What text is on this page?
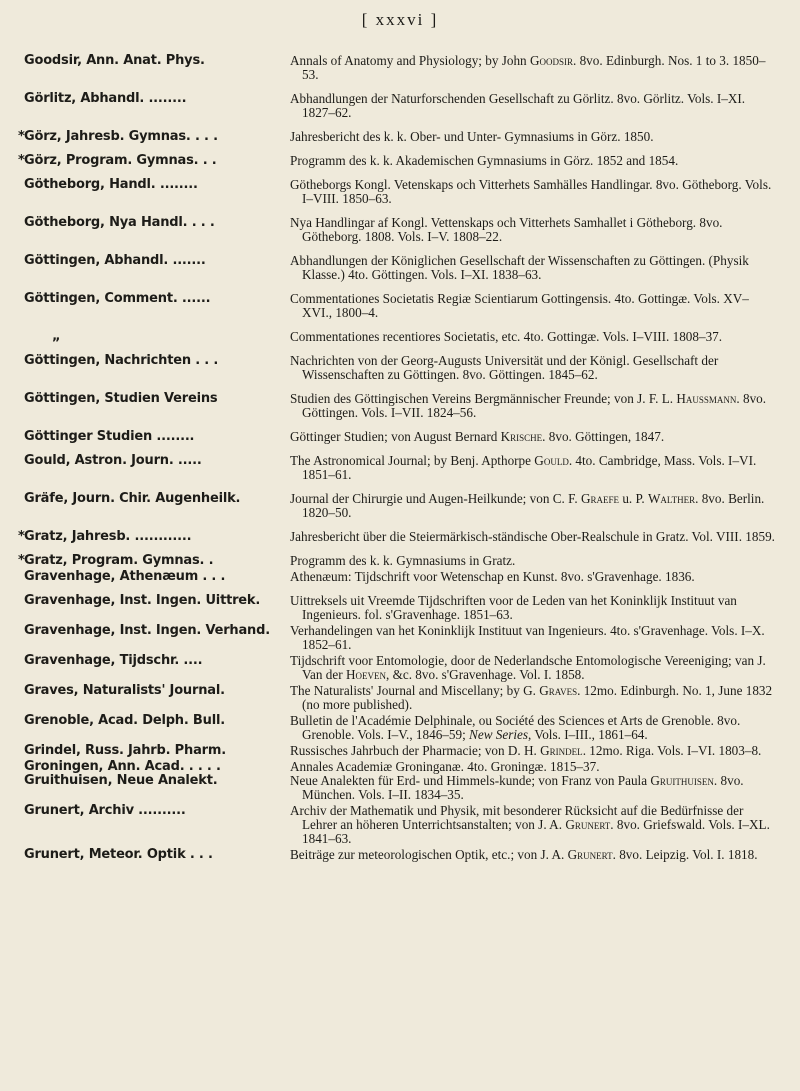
[ xxxvi ]
Goodsir, Ann. Anat. Phys.	Annals of Anatomy and Physiology; by John Goodsir. 8vo. Edinburgh. Nos. 1 to 3. 1850–53.
Görlitz, Abhandl. ........	Abhandlungen der Naturforschenden Gesellschaft zu Görlitz. 8vo. Görlitz. Vols. I–XI. 1827–62.
* Görz, Jahresb. Gymnas. . . .	Jahresbericht des k. k. Ober- und Unter- Gymnasiums in Görz. 1850.
* Görz, Program. Gymnas. . .	Programm des k. k. Akademischen Gymnasiums in Görz. 1852 and 1854.
Götheborg, Handl. ........	Götheborgs Kongl. Vetenskaps och Vitterhets Samhälles Handlingar. 8vo. Götheborg. Vols. I–VIII. 1850–63.
Götheborg, Nya Handl. . . .	Nya Handlingar af Kongl. Vettenskaps och Vitterhets Samhallet i Götheborg. 8vo. Götheborg. 1808. Vols. I–V. 1808–22.
Göttingen, Abhandl. .......	Abhandlungen der Königlichen Gesellschaft der Wissenschaften zu Göttingen. (Physik Klasse.) 4to. Göttingen. Vols. I–XI. 1838–63.
Göttingen, Comment. ......	Commentationes Societatis Regiæ Scientiarum Gottingensis. 4to. Gottingæ. Vols. XV–XVI., 1800–4.
„	Commentationes recentiores Societatis, etc. 4to. Gottingæ. Vols. I–VIII. 1808–37.
Göttingen, Nachrichten . . .	Nachrichten von der Georg-Augusts Universität und der Königl. Gesellschaft der Wissenschaften zu Göttingen. 8vo. Göttingen. 1845–62.
Göttingen, Studien Vereins	Studien des Göttingischen Vereins Bergmännischer Freunde; von J. F. L. Haussmann. 8vo. Göttingen. Vols. I–VII. 1824–56.
Göttinger Studien ........	Göttinger Studien; von August Bernard Krische. 8vo. Göttingen, 1847.
Gould, Astron. Journ. .....	The Astronomical Journal; by Benj. Apthorpe Gould. 4to. Cambridge, Mass. Vols. I–VI. 1851–61.
Gräfe, Journ. Chir. Augenheilk.	Journal der Chirurgie und Augen-Heilkunde; von C. F. Graefe u. P. Walther. 8vo. Berlin. 1820–50.
* Gratz, Jahresb. ............	Jahresbericht über die Steiermärkisch-ständische Ober-Realschule in Gratz. Vol. VIII. 1859.
* Gratz, Program. Gymnas. .	Programm des k. k. Gymnasiums in Gratz.
Gravenhage, Athenæum . . .	Athenæum: Tijdschrift voor Wetenschap en Kunst. 8vo. s'Gravenhage. 1836.
Gravenhage, Inst. Ingen. Uittrek.	Uittreksels uit Vreemde Tijdschriften voor de Leden van het Koninklijk Instituut van Ingenieurs. fol. s'Gravenhage. 1851–63.
Gravenhage, Inst. Ingen. Verhand.	Verhandelingen van het Koninklijk Instituut van Ingenieurs. 4to. s'Gravenhage. Vols. I–X. 1852–61.
Gravenhage, Tijdschr. ....	Tijdschrift voor Entomologie, door de Nederlandsche Entomologische Vereeniging; van J. Van der Hoeven, &c. 8vo. s'Gravenhage. Vol. I. 1858.
Graves, Naturalists' Journal.	The Naturalists' Journal and Miscellany; by G. Graves. 12mo. Edinburgh. No. 1, June 1832 (no more published).
Grenoble, Acad. Delph. Bull.	Bulletin de l'Académie Delphinale, ou Société des Sciences et Arts de Grenoble. 8vo. Grenoble. Vols. I–V., 1846–59; New Series, Vols. I–III., 1861–64.
Grindel, Russ. Jahrb. Pharm.	Russisches Jahrbuch der Pharmacie; von D. H. Grindel. 12mo. Riga. Vols. I–VI. 1803–8.
Groningen, Ann. Acad. . . . .	Annales Academiæ Groninganæ. 4to. Groningæ. 1815–37.
Gruithuisen, Neue Analekt.	Neue Analekten für Erd- und Himmels-kunde; von Franz von Paula Gruithuisen. 8vo. München. Vols. I–II. 1834–35.
Grunert, Archiv ..........	Archiv der Mathematik und Physik, mit besonderer Rücksicht auf die Bedürfnisse der Lehrer an höheren Unterrichtsanstalten; von J. A. Grunert. 8vo. Griefswald. Vols. I–XL. 1841–63.
Grunert, Meteor. Optik . . .	Beiträge zur meteorologischen Optik, etc.; von J. A. Grunert. 8vo. Leipzig. Vol. I. 1818.
